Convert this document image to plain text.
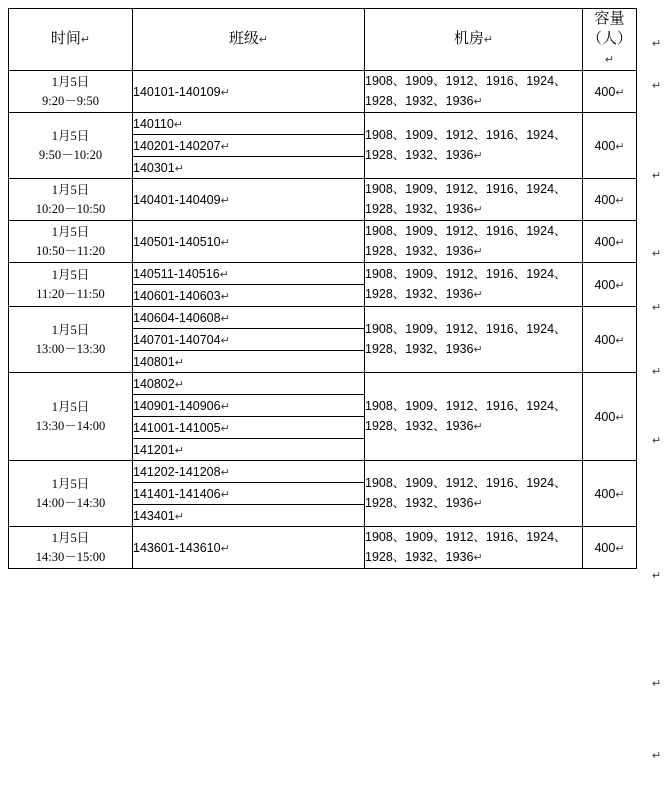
时间↵	班级↵	机房↵	容量（人）↵

1月5日
9:20－9:50
	140101-140109↵	
1908、1909、1912、1916、1924、
1928、1932、1936↵
	400↵

1月5日
9:50－10:20
	140110↵	
1908、1909、1912、1916、1924、
1928、1932、1936↵
	400↵
	140201-140207↵		
	140301↵		

1月5日
10:20－10:50
	140401-140409↵	
1908、1909、1912、1916、1924、
1928、1932、1936↵
	400↵

1月5日
10:50－11:20
	140501-140510↵	
1908、1909、1912、1916、1924、
1928、1932、1936↵
	400↵

1月5日
11:20－11:50
	140511-140516↵	1908、1909、1912、1916、1924、
1928、1932、1936↵
	400↵
	140601-140603↵		

1月5日
13:00－13:30
	140604-140608↵	
1908、1909、1912、1916、1924、
1928、1932、1936↵
	400↵
	140701-140704↵		
	140801↵		

1月5日
13:30－14:00
	140802↵	
1908、1909、1912、1916、1924、
1928、1932、1936↵
	400↵
	140901-140906↵		
	141001-141005↵		
	141201↵		

1月5日
14:00－14:30
	141202-141208↵	
1908、1909、1912、1916、1924、
1928、1932、1936↵
	400↵
	141401-141406↵		
	143401↵		

1月5日
14:30－15:00
	143601-143610↵	
1908、1909、1912、1916、1924、
1928、1932、1936↵
	400↵
↵
↵
↵
↵
↵
↵
↵
↵
↵
↵
